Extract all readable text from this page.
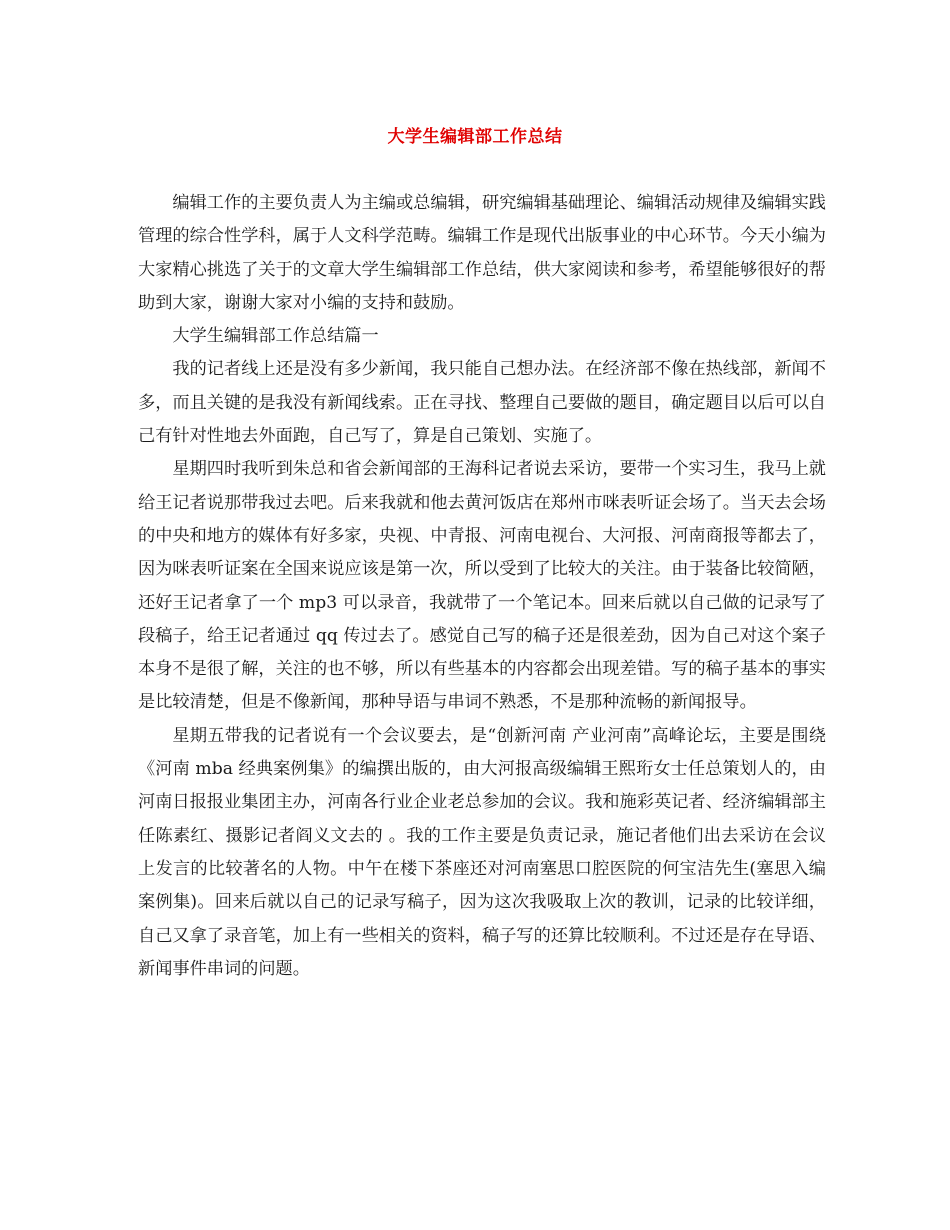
大学生编辑部工作总结

编辑工作的主要负责人为主编或总编辑，研究编辑基础理论、编辑活动规律及编辑实践管理的综合性学科，属于人文科学范畴。编辑工作是现代出版事业的中心环节。今天小编为大家精心挑选了关于的文章大学生编辑部工作总结，供大家阅读和参考，希望能够很好的帮助到大家，谢谢大家对小编的支持和鼓励。

大学生编辑部工作总结篇一

我的记者线上还是没有多少新闻，我只能自己想办法。在经济部不像在热线部，新闻不多，而且关键的是我没有新闻线索。正在寻找、整理自己要做的题目，确定题目以后可以自己有针对性地去外面跑，自己写了，算是自己策划、实施了。

星期四时我听到朱总和省会新闻部的王海科记者说去采访，要带一个实习生，我马上就给王记者说那带我过去吧。后来我就和他去黄河饭店在郑州市咪表听证会场了。当天去会场的中央和地方的媒体有好多家，央视、中青报、河南电视台、大河报、河南商报等都去了，因为咪表听证案在全国来说应该是第一次，所以受到了比较大的关注。由于装备比较简陋，还好王记者拿了一个 mp3 可以录音，我就带了一个笔记本。回来后就以自己做的记录写了段稿子，给王记者通过 qq 传过去了。感觉自己写的稿子还是很差劲，因为自己对这个案子本身不是很了解，关注的也不够，所以有些基本的内容都会出现差错。写的稿子基本的事实是比较清楚，但是不像新闻，那种导语与串词不熟悉，不是那种流畅的新闻报导。

星期五带我的记者说有一个会议要去，是“创新河南 产业河南”高峰论坛，主要是围绕《河南 mba 经典案例集》的编撰出版的，由大河报高级编辑王熙珩女士任总策划人的，由河南日报报业集团主办，河南各行业企业老总参加的会议。我和施彩英记者、经济编辑部主任陈素红、摄影记者阎义文去的 。我的工作主要是负责记录，施记者他们出去采访在会议上发言的比较著名的人物。中午在楼下茶座还对河南塞思口腔医院的何宝洁先生(塞思入编案例集)。回来后就以自己的记录写稿子，因为这次我吸取上次的教训，记录的比较详细，自己又拿了录音笔，加上有一些相关的资料，稿子写的还算比较顺利。不过还是存在导语、新闻事件串词的问题。
